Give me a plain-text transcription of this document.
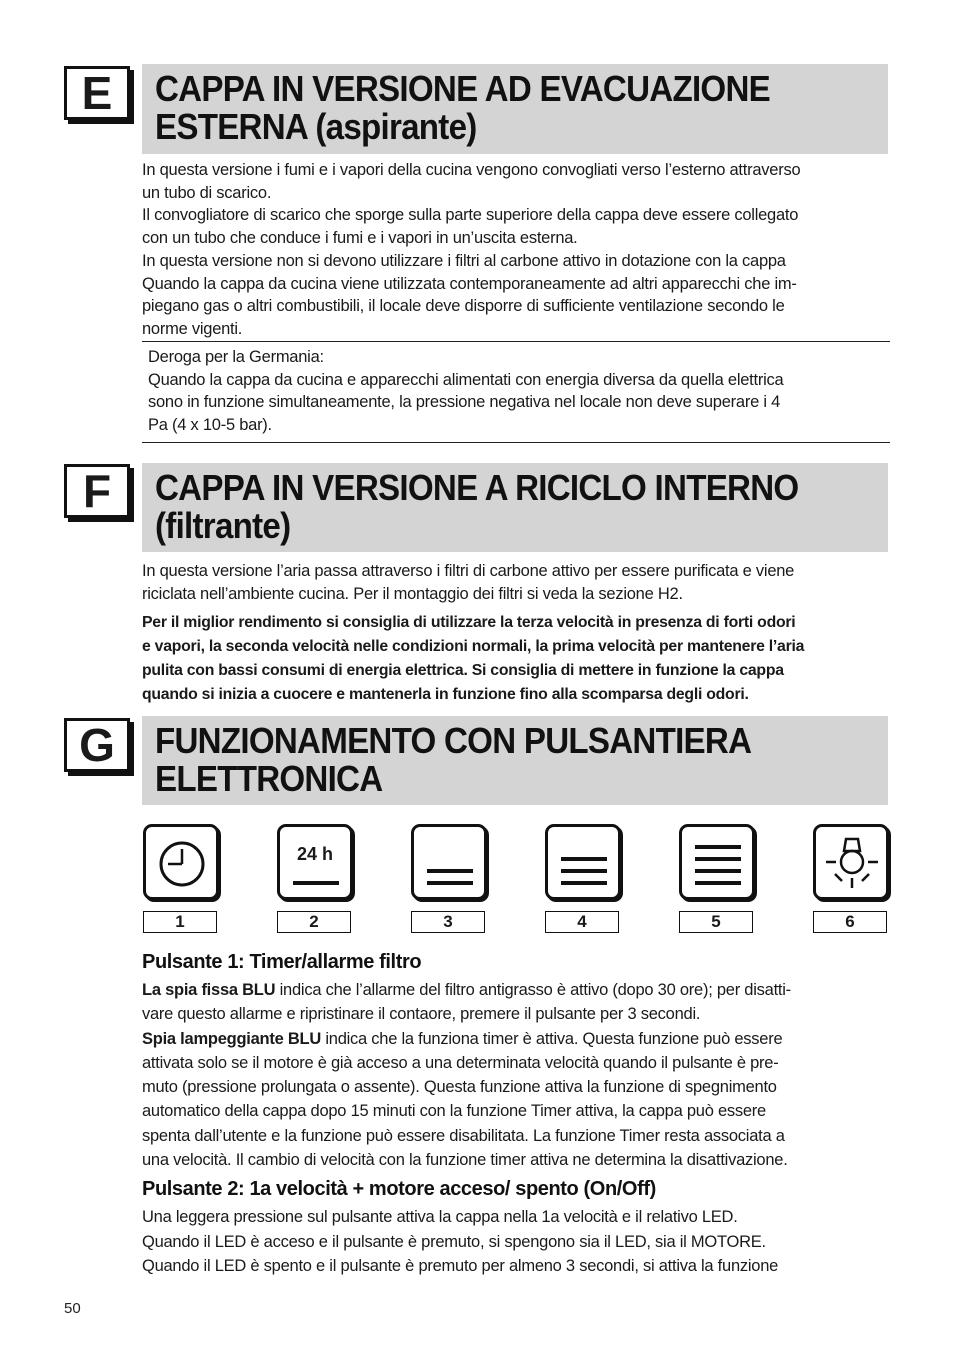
E	CAPPA IN VERSIONE AD EVACUAZIONE
ESTERNA (aspirante)
In questa versione i fumi e i vapori della cucina vengono convogliati verso l’esterno attraverso
un tubo di scarico.
Il convogliatore di scarico che sporge sulla parte superiore della cappa deve essere collegato
con un tubo che conduce i fumi e i vapori in un’uscita esterna.
In questa versione non si devono utilizzare i filtri al carbone attivo in dotazione con la cappa
Quando la cappa da cucina viene utilizzata contemporaneamente ad altri apparecchi che im-
piegano gas o altri combustibili, il locale deve disporre di sufficiente ventilazione secondo le
norme vigenti.
Deroga per la Germania:
Quando la cappa da cucina e apparecchi alimentati con energia diversa da quella elettrica
sono in funzione simultaneamente, la pressione negativa nel locale non deve superare i 4
Pa (4 x 10-5 bar).
F	CAPPA IN VERSIONE A RICICLO INTERNO
(filtrante)
In questa versione l’aria passa attraverso i filtri di carbone attivo per essere purificata e viene
riciclata nell’ambiente cucina. Per il montaggio dei filtri si veda la sezione H2.
Per il miglior rendimento si consiglia di utilizzare la terza velocità in presenza di forti odori
e vapori, la seconda velocità nelle condizioni normali, la prima velocità per mantenere l’aria
pulita con bassi consumi di energia elettrica. Si consiglia di mettere in funzione la cappa
quando si inizia a cuocere e mantenerla in funzione fino alla scomparsa degli odori.
G	FUNZIONAMENTO CON PULSANTIERA
ELETTRONICA
24 h
1	2	3	4	5	6
Pulsante 1: Timer/allarme filtro
La spia fissa BLU indica che l’allarme del filtro antigrasso è attivo (dopo 30 ore); per disatti-
vare questo allarme e ripristinare il contaore, premere il pulsante per 3 secondi.
Spia lampeggiante BLU indica che la funziona timer è attiva. Questa funzione può essere
attivata solo se il motore è già acceso a una determinata velocità quando il pulsante è pre-
muto (pressione prolungata o assente). Questa funzione attiva la funzione di spegnimento
automatico della cappa dopo 15 minuti con la funzione Timer attiva, la cappa può essere
spenta dall’utente e la funzione può essere disabilitata. La funzione Timer resta associata a
una velocità. Il cambio di velocità con la funzione timer attiva ne determina la disattivazione.
Pulsante 2: 1a velocità + motore acceso/ spento (On/Off)
Una leggera pressione sul pulsante attiva la cappa nella 1a velocità e il relativo LED.
Quando il LED è acceso e il pulsante è premuto, si spengono sia il LED, sia il MOTORE.
Quando il LED è spento e il pulsante è premuto per almeno 3 secondi, si attiva la funzione
50
